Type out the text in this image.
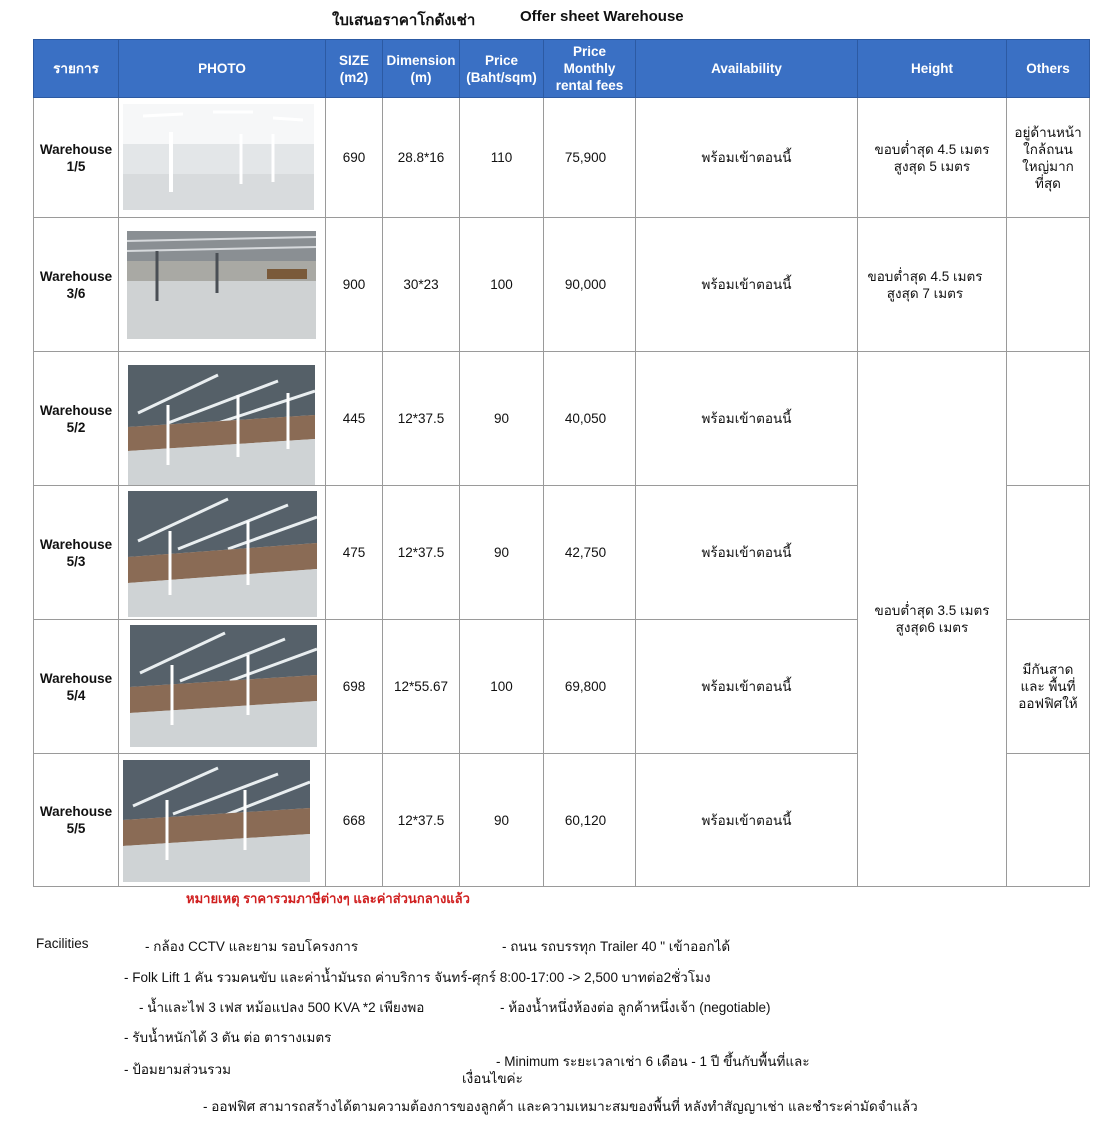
ใบเสนอราคาโกดังเช่า	Offer sheet Warehouse
รายการ	PHOTO	SIZE (m2)	Dimension (m)	Price (Baht/sqm)	Price Monthly rental fees	Availability	Height	Others
Warehouse 1/5		690	28.8*16	110	75,900	พร้อมเข้าตอนนี้	ขอบต่ำสุด 4.5 เมตร สูงสุด 5 เมตร	อยู่ด้านหน้า ใกล้ถนน ใหญ่มาก ที่สุด
Warehouse 3/6		900	30*23	100	90,000	พร้อมเข้าตอนนี้	ขอบต่ำสุด 4.5 เมตร สูงสุด 7 เมตร	
Warehouse 5/2		445	12*37.5	90	40,050	พร้อมเข้าตอนนี้	ขอบต่ำสุด 3.5 เมตร สูงสุด6 เมตร	
Warehouse 5/3		475	12*37.5	90	42,750	พร้อมเข้าตอนนี้		
Warehouse 5/4		698	12*55.67	100	69,800	พร้อมเข้าตอนนี้		มีกันสาด และ พื้นที่ ออฟฟิศให้
Warehouse 5/5		668	12*37.5	90	60,120	พร้อมเข้าตอนนี้		
หมายเหตุ ราคารวมภาษีต่างๆ และค่าส่วนกลางแล้ว
Facilities	- กล้อง CCTV และยาม รอบโครงการ	- ถนน รถบรรทุก Trailer 40 " เข้าออกได้
- Folk Lift 1 คัน รวมคนขับ และค่าน้ำมันรถ ค่าบริการ จันทร์-ศุกร์ 8:00-17:00 -> 2,500 บาทต่อ2ชั่วโมง
- น้ำและไฟ 3 เฟส หม้อแปลง 500 KVA *2 เพียงพอ	- ห้องน้ำหนึ่งห้องต่อ ลูกค้าหนึ่งเจ้า (negotiable)
- รับน้ำหนักได้ 3 ตัน ต่อ ตารางเมตร
- ป้อมยามส่วนรวม
- Minimum ระยะเวลาเช่า 6 เดือน - 1 ปี ขึ้นกับพื้นที่และ
เงื่อนไขค่ะ
- ออฟฟิศ สามารถสร้างได้ตามความต้องการของลูกค้า และความเหมาะสมของพื้นที่ หลังทำสัญญาเช่า และชำระค่ามัดจำแล้ว
